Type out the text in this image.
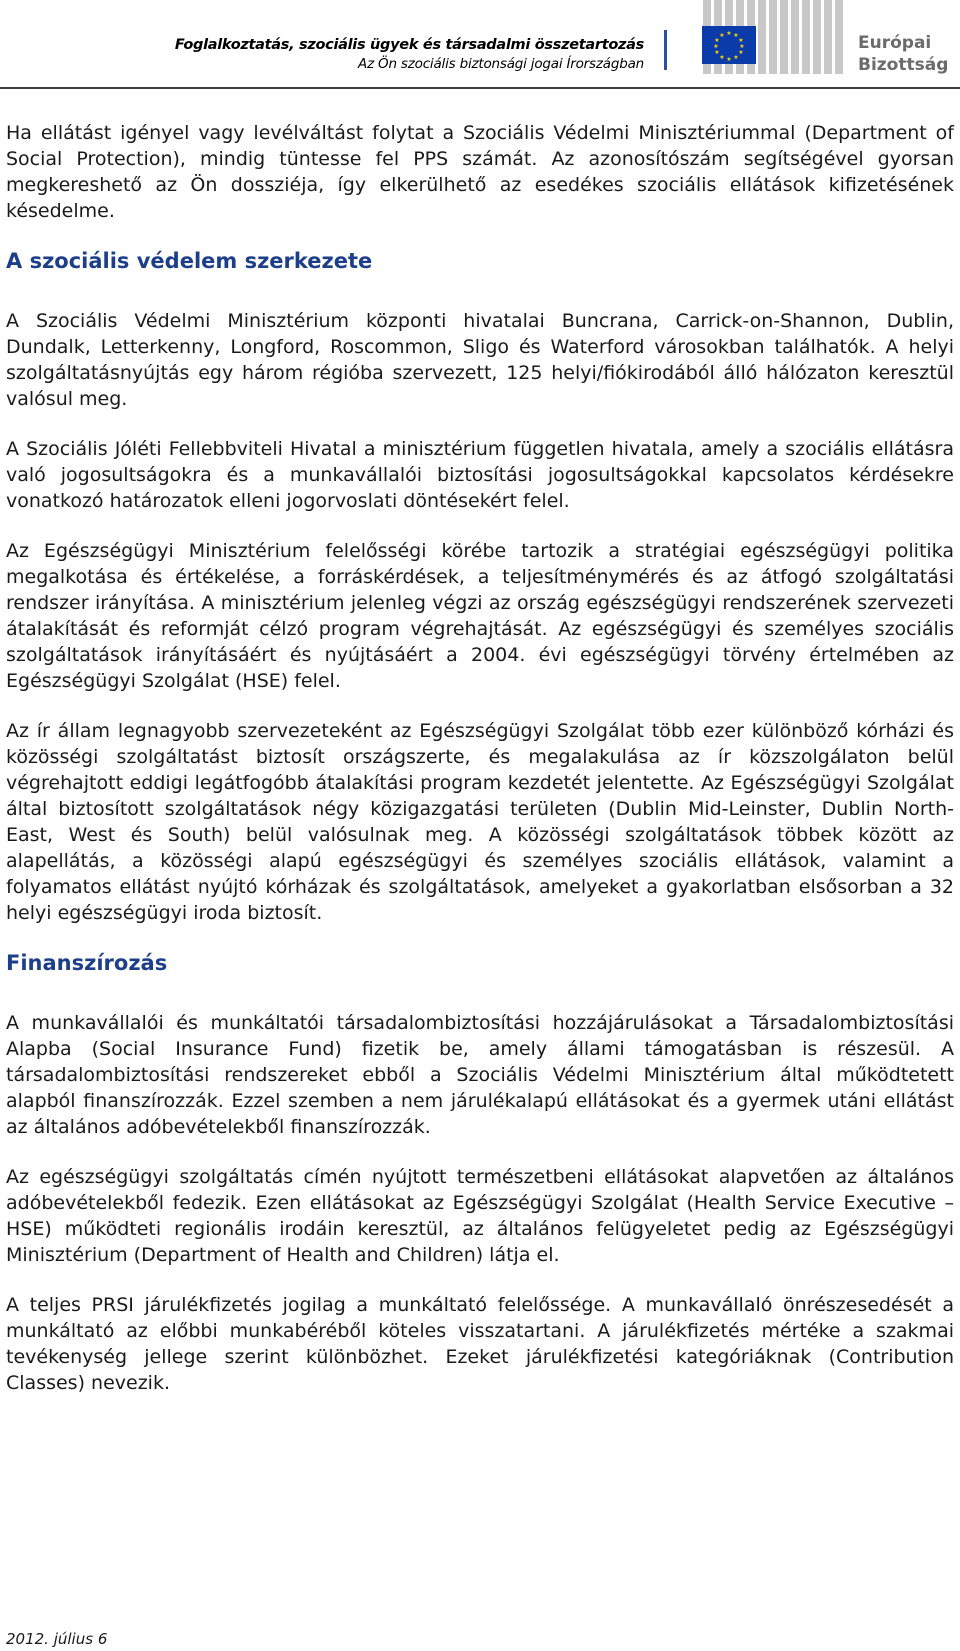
Foglalkoztatás, szociális ügyek és társadalmi összetartozás
Az Ön szociális biztonsági jogai Írországban
★ ★
★
★
★
★
★
★
★
★
★
★	Európai
Bizottság

Ha ellátást igényel vagy levélváltást folytat a Szociális Védelmi Minisztériummal (Department of Social Protection), mindig tüntesse fel PPS számát. Az azonosítószám segítségével gyorsan megkereshető az Ön dossziéja, így elkerülhető az esedékes szociális ellátások kifizetésének késedelme.

A szociális védelem szerkezete

A Szociális Védelmi Minisztérium központi hivatalai Buncrana, Carrick-on-Shannon, Dublin, Dundalk, Letterkenny, Longford, Roscommon, Sligo és Waterford városokban találhatók. A helyi szolgáltatásnyújtás egy három régióba szervezett, 125 helyi/fiókirodából álló hálózaton keresztül valósul meg.

A Szociális Jóléti Fellebbviteli Hivatal a minisztérium független hivatala, amely a szociális ellátásra való jogosultságokra és a munkavállalói biztosítási jogosultságokkal kapcsolatos kérdésekre vonatkozó határozatok elleni jogorvoslati döntésekért felel.

Az Egészségügyi Minisztérium felelősségi körébe tartozik a stratégiai egészségügyi politika megalkotása és értékelése, a forráskérdések, a teljesítménymérés és az átfogó szolgáltatási rendszer irányítása. A minisztérium jelenleg végzi az ország egészségügyi rendszerének szervezeti átalakítását és reformját célzó program végrehajtását. Az egészségügyi és személyes szociális szolgáltatások irányításáért és nyújtásáért a 2004. évi egészségügyi törvény értelmében az Egészségügyi Szolgálat (HSE) felel.

Az ír állam legnagyobb szervezeteként az Egészségügyi Szolgálat több ezer különböző kórházi és közösségi szolgáltatást biztosít országszerte, és megalakulása az ír közszolgálaton belül végrehajtott eddigi legátfogóbb átalakítási program kezdetét jelentette. Az Egészségügyi Szolgálat által biztosított szolgáltatások négy közigazgatási területen (Dublin Mid-Leinster, Dublin North-East, West és South) belül valósulnak meg. A közösségi szolgáltatások többek között az alapellátás, a közösségi alapú egészségügyi és személyes szociális ellátások, valamint a folyamatos ellátást nyújtó kórházak és szolgáltatások, amelyeket a gyakorlatban elsősorban a 32 helyi egészségügyi iroda biztosít.

Finanszírozás

A munkavállalói és munkáltatói társadalombiztosítási hozzájárulásokat a Társadalombiztosítási Alapba (Social Insurance Fund) fizetik be, amely állami támogatásban is részesül. A társadalombiztosítási rendszereket ebből a Szociális Védelmi Minisztérium által működtetett alapból finanszírozzák. Ezzel szemben a nem járulékalapú ellátásokat és a gyermek utáni ellátást az általános adóbevételekből finanszírozzák.

Az egészségügyi szolgáltatás címén nyújtott természetbeni ellátásokat alapvetően az általános adóbevételekből fedezik. Ezen ellátásokat az Egészségügyi Szolgálat (Health Service Executive – HSE) működteti regionális irodáin keresztül, az általános felügyeletet pedig az Egészségügyi Minisztérium (Department of Health and Children) látja el.

A teljes PRSI járulékfizetés jogilag a munkáltató felelőssége. A munkavállaló önrészesedését a munkáltató az előbbi munkabéréből köteles visszatartani. A járulékfizetés mértéke a szakmai tevékenység jellege szerint különbözhet. Ezeket járulékfizetési kategóriáknak (Contribution Classes) nevezik.

2012. július 6
